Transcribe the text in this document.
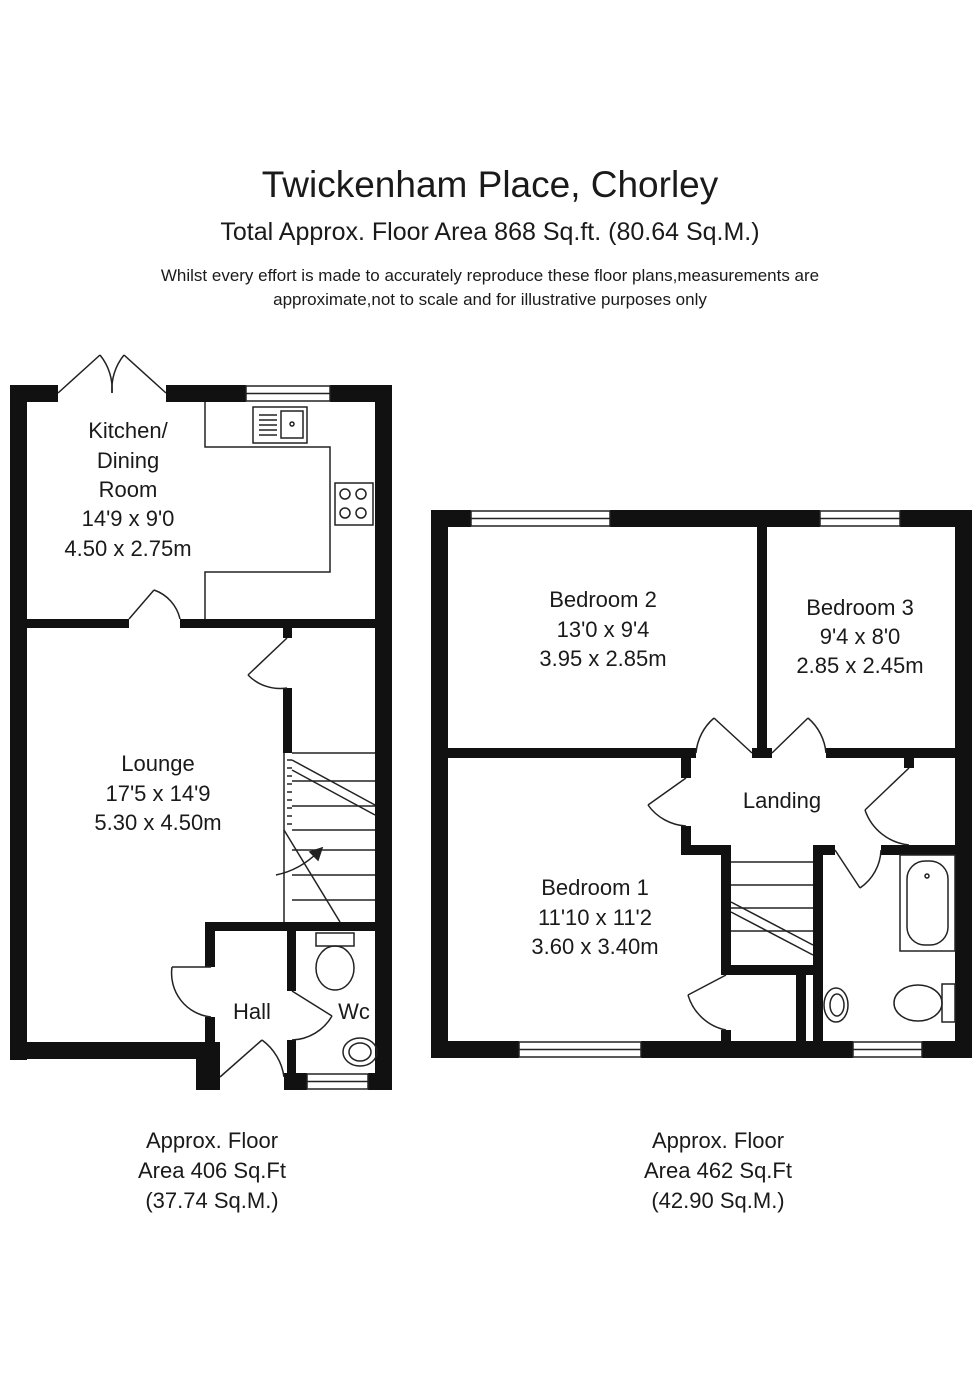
Twickenham Place, Chorley
Total Approx. Floor Area 868 Sq.ft. (80.64 Sq.M.)
Whilst every effort is made to accurately reproduce these floor plans,measurements are
approximate,not to scale and for illustrative purposes only
Kitchen/
Dining
Room
14'9 x 9'0
4.50 x 2.75m
Lounge
17'5 x 14'9
5.30 x 4.50m
Hall	Wc
Bedroom 2
13'0 x 9'4
3.95 x 2.85m
Bedroom 3
9'4 x 8'0
2.85 x 2.45m
Landing
Bedroom 1
11'10 x 11'2
3.60 x 3.40m
Approx. Floor
Area 406 Sq.Ft
(37.74 Sq.M.)
Approx. Floor
Area 462 Sq.Ft
(42.90 Sq.M.)
